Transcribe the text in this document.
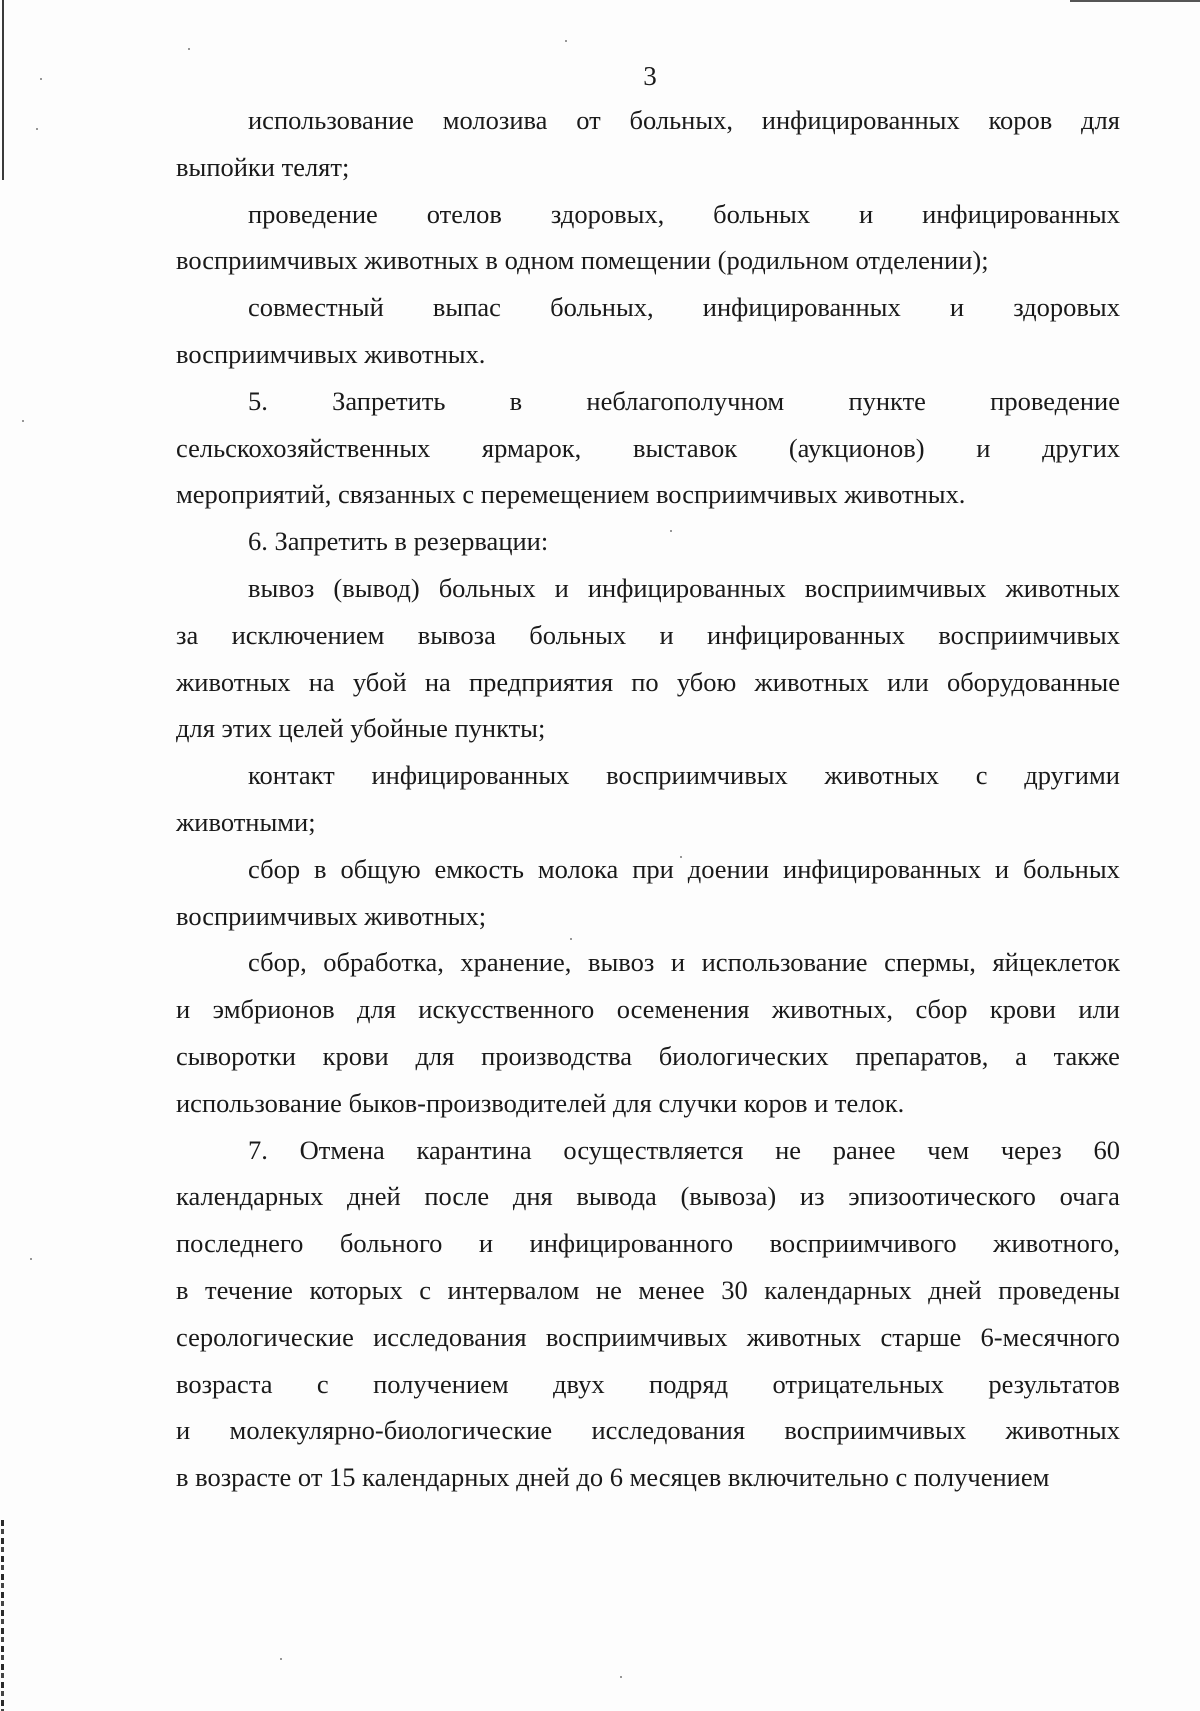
3
использование молозива от больных, инфицированных коров для
выпойки телят;
проведение отелов здоровых, больных и инфицированных
восприимчивых животных в одном помещении (родильном отделении);
совместный выпас больных, инфицированных и здоровых
восприимчивых животных.
5. Запретить в неблагополучном пункте проведение
сельскохозяйственных ярмарок, выставок (аукционов) и других
мероприятий, связанных с перемещением восприимчивых животных.
6. Запретить в резервации:
вывоз (вывод) больных и инфицированных восприимчивых животных
за исключением вывоза больных и инфицированных восприимчивых
животных на убой на предприятия по убою животных или оборудованные
для этих целей убойные пункты;
контакт инфицированных восприимчивых животных с другими
животными;
сбор в общую емкость молока при доении инфицированных и больных
восприимчивых животных;
сбор, обработка, хранение, вывоз и использование спермы, яйцеклеток
и эмбрионов для искусственного осеменения животных, сбор крови или
сыворотки крови для производства биологических препаратов, а также
использование быков-производителей для случки коров и телок.
7. Отмена карантина осуществляется не ранее чем через 60
календарных дней после дня вывода (вывоза) из эпизоотического очага
последнего больного и инфицированного восприимчивого животного,
в течение которых с интервалом не менее 30 календарных дней проведены
серологические исследования восприимчивых животных старше 6-месячного
возраста с получением двух подряд отрицательных результатов
и молекулярно-биологические исследования восприимчивых животных
в возрасте от 15 календарных дней до 6 месяцев включительно с получением
